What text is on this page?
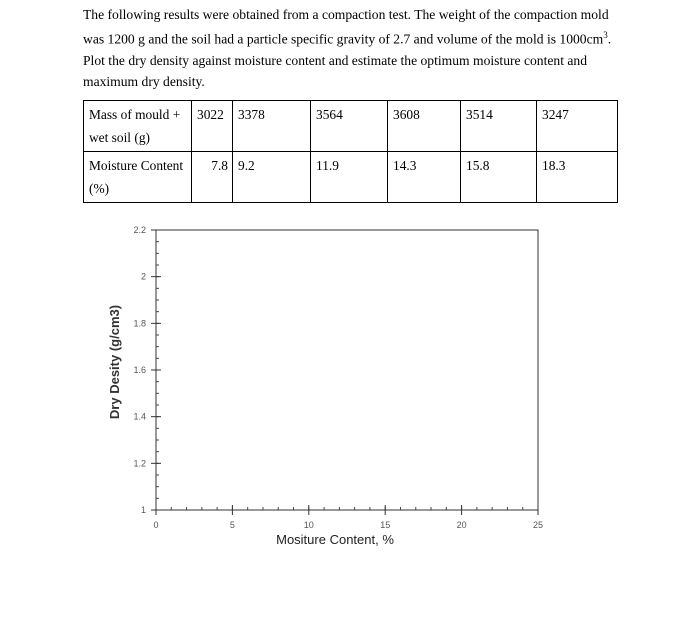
The following results were obtained from a compaction test. The weight of the compaction mold was 1200 g and the soil had a particle specific gravity of 2.7 and volume of the mold is $1000cm^3$.

Plot the dry density against moisture content and estimate the optimum moisture content and maximum dry density.

Mass of mould + wet soil (g)	3022	3378	3564	3608	3514	3247
Moisture Content (%)	7.8	9.2	11.9	14.3	15.8	18.3
0	5	10	15	20	25
1
1.2
1.4
1.6
1.8
2
2.2
Mositure Content, %
Dry Desity (g/cm3)
